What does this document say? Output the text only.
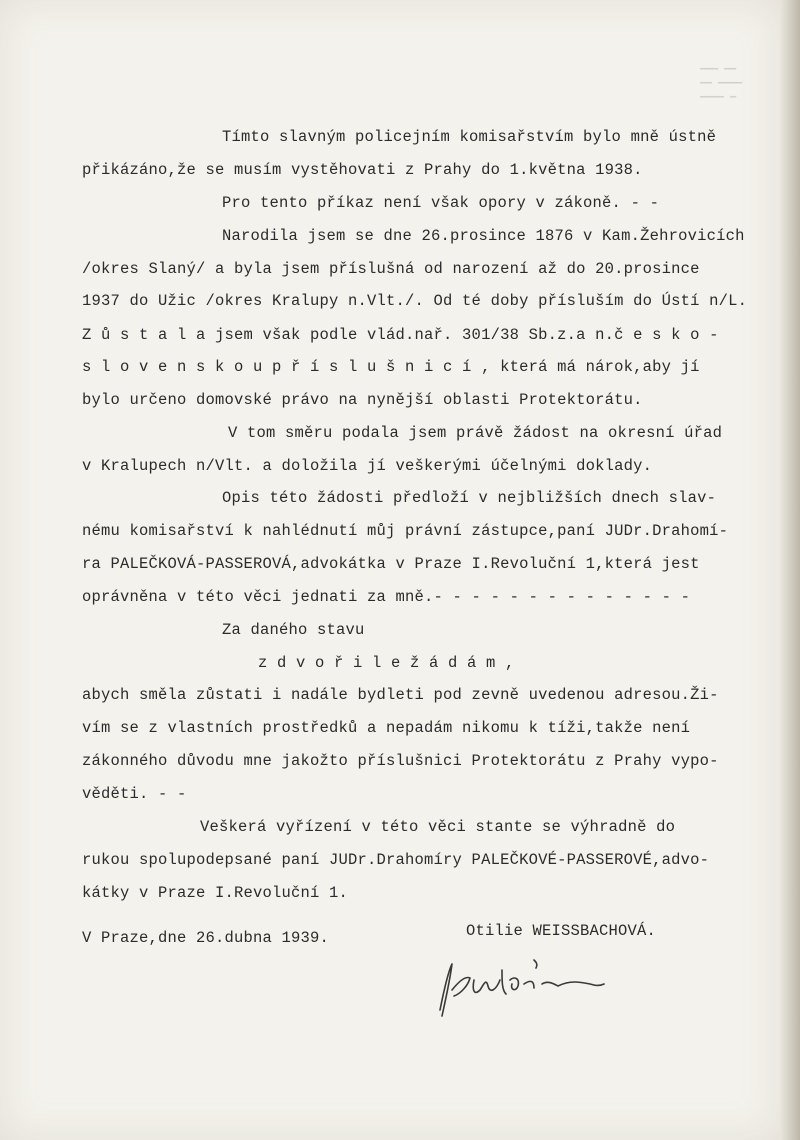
▁▁▁ ▁▁
▁▁ ▁▁▁▁
▁▁▁▁ ▁
Tímto slavným policejním komisařstvím bylo mně ústně
přikázáno,že se musím vystěhovati z Prahy do 1.května 1938.
Pro tento příkaz není však opory v zákoně. - -
Narodila jsem se dne 26.prosince 1876 v Kam.Žehrovicích
/okres Slaný/ a byla jsem příslušná od narození až do 20.prosince
1937 do Užic /okres Kralupy n.Vlt./. Od té doby přísluším do Ústí n/L.
Z ů s t a l a jsem však podle vlád.nař. 301/38 Sb.z.a n.č e s k o -
s l o v e n s k o u p ř í s l u š n i c í , která má nárok,aby jí
bylo určeno domovské právo na nynější oblasti Protektorátu.
V tom směru podala jsem právě žádost na okresní úřad
v Kralupech n/Vlt. a doložila jí veškerými účelnými doklady.
Opis této žádosti předloží v nejbližších dnech slav-
nému komisařství k nahlédnutí můj právní zástupce,paní JUDr.Drahomí-
ra PALEČKOVÁ-PASSEROVÁ,advokátka v Praze I.Revoluční 1,která jest
oprávněna v této věci jednati za mně.- - - - - - - - - - - - - -
Za daného stavu
z d v o ř i l e ž á d á m ,
abych směla zůstati i nadále bydleti pod zevně uvedenou adresou.Ži-
vím se z vlastních prostředků a nepadám nikomu k tíži,takže není
zákonného důvodu mne jakožto příslušnici Protektorátu z Prahy vypo-
věděti. - -
Veškerá vyřízení v této věci stante se výhradně do
rukou spolupodepsané paní JUDr.Drahomíry PALEČKOVÉ-PASSEROVÉ,advo-
kátky v Praze I.Revoluční 1.
V Praze,dne 26.dubna 1939.	Otilie WEISSBACHOVÁ.
